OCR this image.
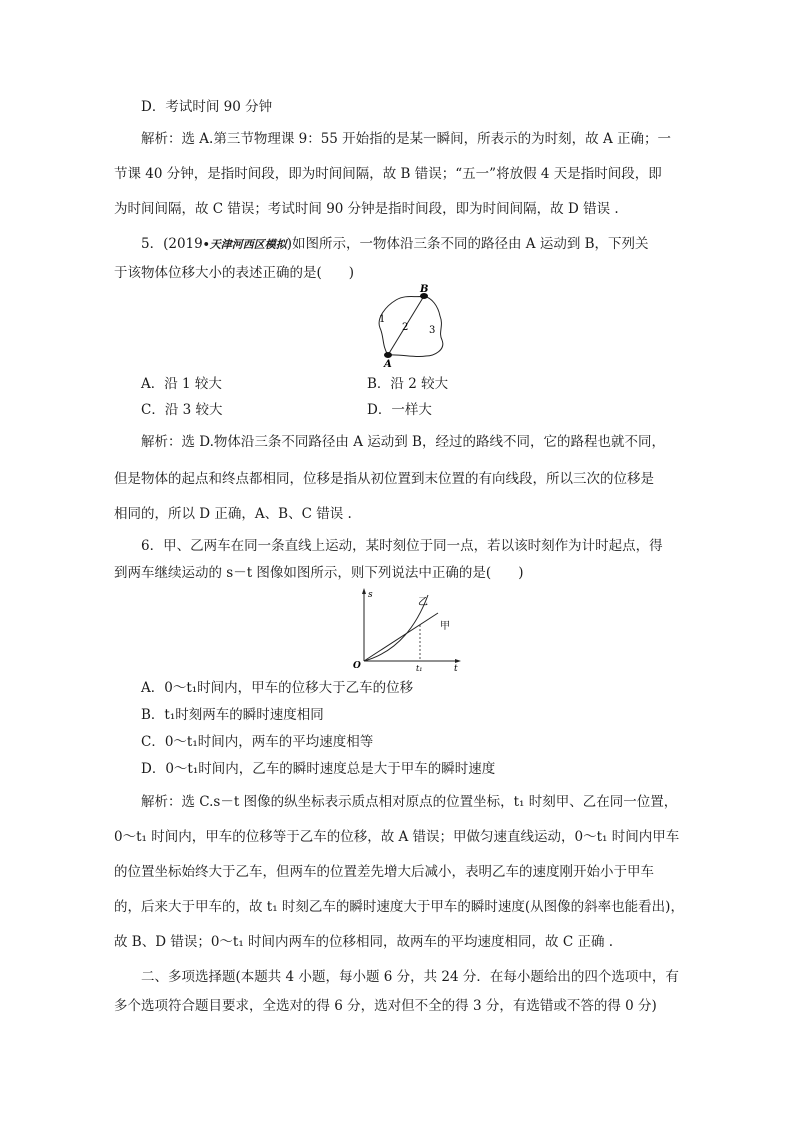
D．考试时间 90 分钟
解析：选 A.第三节物理课 9：55 开始指的是某一瞬间，所表示的为时刻，故 A 正确；一
节课 40 分钟，是指时间段，即为时间间隔，故 B 错误；“五一”将放假 4 天是指时间段，即
为时间间隔，故 C 错误；考试时间 90 分钟是指时间段，即为时间间隔，故 D 错误 .
5．(2019•天津河西区模拟)如图所示，一物体沿三条不同的路径由 A 运动到 B，下列关
于该物体位移大小的表述正确的是(　　)
B
A
1
2 3
A．沿 1 较大	B．沿 2 较大
C．沿 3 较大	D．一样大
解析：选 D.物体沿三条不同路径由 A 运动到 B，经过的路线不同，它的路程也就不同，
但是物体的起点和终点都相同，位移是指从初位置到末位置的有向线段，所以三次的位移是
相同的，所以 D 正确，A、B、C 错误 .
6．甲、乙两车在同一条直线上运动，某时刻位于同一点，若以该时刻作为计时起点，得
到两车继续运动的 s－t 图像如图所示，则下列说法中正确的是(　　)
s
t
O	t₁
乙
甲
A．0～t₁时间内，甲车的位移大于乙车的位移
B．t₁时刻两车的瞬时速度相同
C．0～t₁时间内，两车的平均速度相等
D．0～t₁时间内，乙车的瞬时速度总是大于甲车的瞬时速度
解析：选 C.s－t 图像的纵坐标表示质点相对原点的位置坐标，t₁ 时刻甲、乙在同一位置，
0～t₁ 时间内，甲车的位移等于乙车的位移，故 A 错误；甲做匀速直线运动，0～t₁ 时间内甲车
的位置坐标始终大于乙车，但两车的位置差先增大后减小，表明乙车的速度刚开始小于甲车
的，后来大于甲车的，故 t₁ 时刻乙车的瞬时速度大于甲车的瞬时速度(从图像的斜率也能看出)，
故 B、D 错误；0～t₁ 时间内两车的位移相同，故两车的平均速度相同，故 C 正确 .
二、多项选择题(本题共 4 小题，每小题 6 分，共 24 分．在每小题给出的四个选项中，有
多个选项符合题目要求，全选对的得 6 分，选对但不全的得 3 分，有选错或不答的得 0 分)
